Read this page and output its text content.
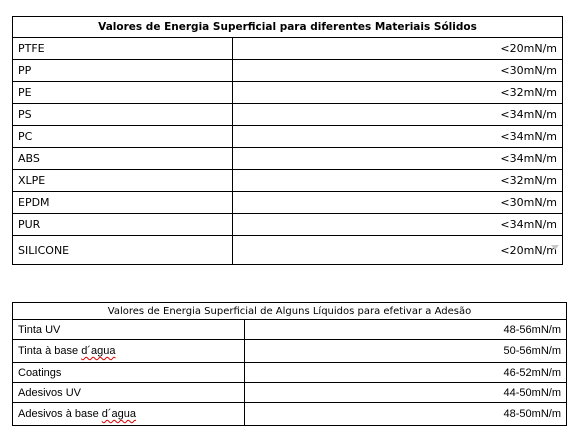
Valores de Energia Superficial para diferentes Materiais Sólidos	
PTFE	<20mN/m
PP	<30mN/m
PE	<32mN/m
PS	<34mN/m
PC	<34mN/m
ABS	<34mN/m
XLPE	<32mN/m
EPDM	<30mN/m
PUR	<34mN/m
SILICONE	<20mN/m
Valores de Energia Superficial de Alguns Líquidos para efetivar a Adesão	
Tinta UV	48-56mN/m
Tinta à base d´agua	50-56mN/m
Coatings	46-52mN/m
Adesivos UV	44-50mN/m
Adesivos à base d´agua	48-50mN/m
